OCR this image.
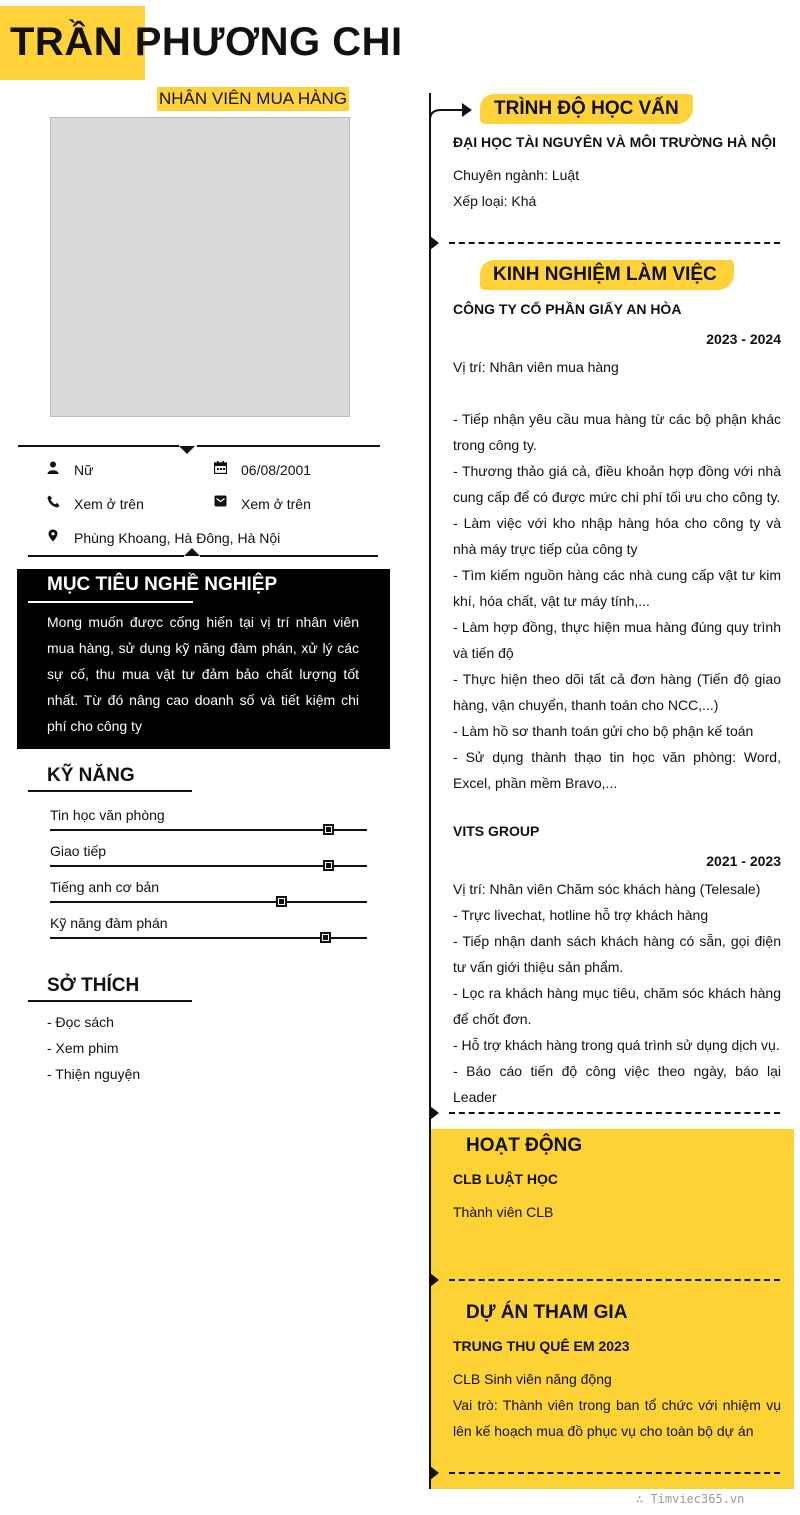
TRẦN PHƯƠNG CHI
NHÂN VIÊN MUA HÀNG
Nữ	06/08/2001
Xem ở trên	Xem ở trên
Phùng Khoang, Hà Đông, Hà Nội
MỤC TIÊU NGHỀ NGHIỆP
Mong muốn được cống hiến tại vị trí nhân viên mua hàng, sử dụng kỹ năng đàm phán, xử lý các sự cố, thu mua vật tư đảm bảo chất lượng tốt nhất. Từ đó nâng cao doanh số và tiết kiệm chi phí cho công ty
KỸ NĂNG
Tin học văn phòng
Giao tiếp
Tiếng anh cơ bản
Kỹ năng đàm phán
SỞ THÍCH
- Đọc sách
- Xem phim
- Thiện nguyện
TRÌNH ĐỘ HỌC VẤN
ĐẠI HỌC TÀI NGUYÊN VÀ MÔI TRƯỜNG HÀ NỘI
Chuyên ngành: Luật
Xếp loại: Khá
KINH NGHIỆM LÀM VIỆC
CÔNG TY CỔ PHẦN GIẤY AN HÒA
2023 - 2024
Vị trí: Nhân viên mua hàng
- Tiếp nhận yêu cầu mua hàng từ các bộ phận khác trong công ty.
- Thương thảo giá cả, điều khoản hợp đồng với nhà cung cấp để có được mức chi phí tối ưu cho công ty.
- Làm việc với kho nhập hàng hóa cho công ty và nhà máy trực tiếp của công ty
- Tìm kiếm nguồn hàng các nhà cung cấp vật tư kim khí, hóa chất, vật tư máy tính,...
- Làm hợp đồng, thực hiện mua hàng đúng quy trình và tiến độ
- Thực hiện theo dõi tất cả đơn hàng (Tiến độ giao hàng, vận chuyển, thanh toán cho NCC,...)
- Làm hồ sơ thanh toán gửi cho bộ phận kế toán
- Sử dụng thành thạo tin học văn phòng: Word, Excel, phần mềm Bravo,...
VITS GROUP
2021 - 2023
Vị trí: Nhân viên Chăm sóc khách hàng (Telesale)
- Trực livechat, hotline hỗ trợ khách hàng
- Tiếp nhận danh sách khách hàng có sẵn, gọi điện tư vấn giới thiệu sản phẩm.
- Lọc ra khách hàng mục tiêu, chăm sóc khách hàng để chốt đơn.
- Hỗ trợ khách hàng trong quá trình sử dụng dịch vụ.
- Báo cáo tiến độ công việc theo ngày, báo lại Leader
HOẠT ĐỘNG
CLB LUẬT HỌC
Thành viên CLB
DỰ ÁN THAM GIA
TRUNG THU QUÊ EM 2023
CLB Sinh viên năng động
Vai trò: Thành viên trong ban tổ chức với nhiệm vụ lên kế hoạch mua đồ phục vụ cho toàn bộ dự án
∴ Timviec365.vn
